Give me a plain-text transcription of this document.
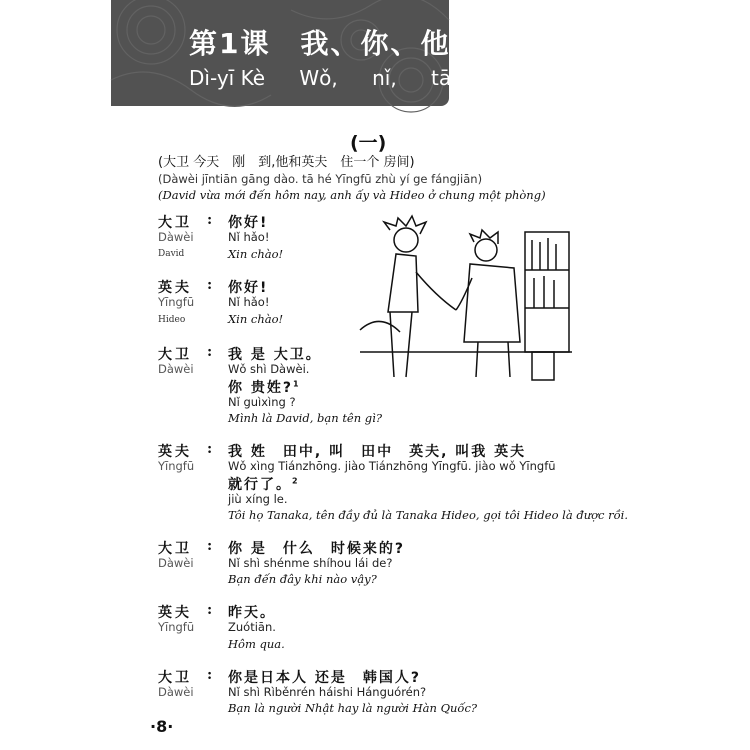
第1课　我、你、他
Dì-yī Kè Wǒ, nǐ, tā
(一)
(大卫 今天　刚　到,他和英夫　住一个 房间)
(Dàwèi jīntiān gāng dào. tā hé Yīngfū zhù yí ge fángjiān)
(David vừa mới đến hôm nay, anh ấy và Hideo ở chung một phòng)
大卫 : 你好!
Dàwèi	Nǐ hǎo!
David	Xin chào!
英夫 : 你好!
Yīngfū	Nǐ hǎo!
Hideo	Xin chào!
大卫 : 我 是 大卫。
Dàwèi	Wǒ shì Dàwèi.
你 贵姓?$^1$
Nǐ guìxìng ?
Mình là David, bạn tên gì?
英夫 : 我 姓　田中, 叫　田中　英夫, 叫我 英夫
Yīngfū	Wǒ xìng Tiánzhōng. jiào Tiánzhōng Yīngfū. jiào wǒ Yīngfū
就行了。$^2$
jiù xíng le.
Tôi họ Tanaka, tên đầy đủ là Tanaka Hideo, gọi tôi Hideo là được rồi.
大卫 : 你 是　什么　时候来的?
Dàwèi	Nǐ shì shénme shíhou lái de?
Bạn đến đây khi nào vậy?
英夫 : 昨天。
Yīngfū	Zuótiān.
Hôm qua.
大卫 : 你是日本人 还是　韩国人?
Dàwèi	Nǐ shì Rìběnrén háishi Hánguórén?
Bạn là người Nhật hay là người Hàn Quốc?
·8·
